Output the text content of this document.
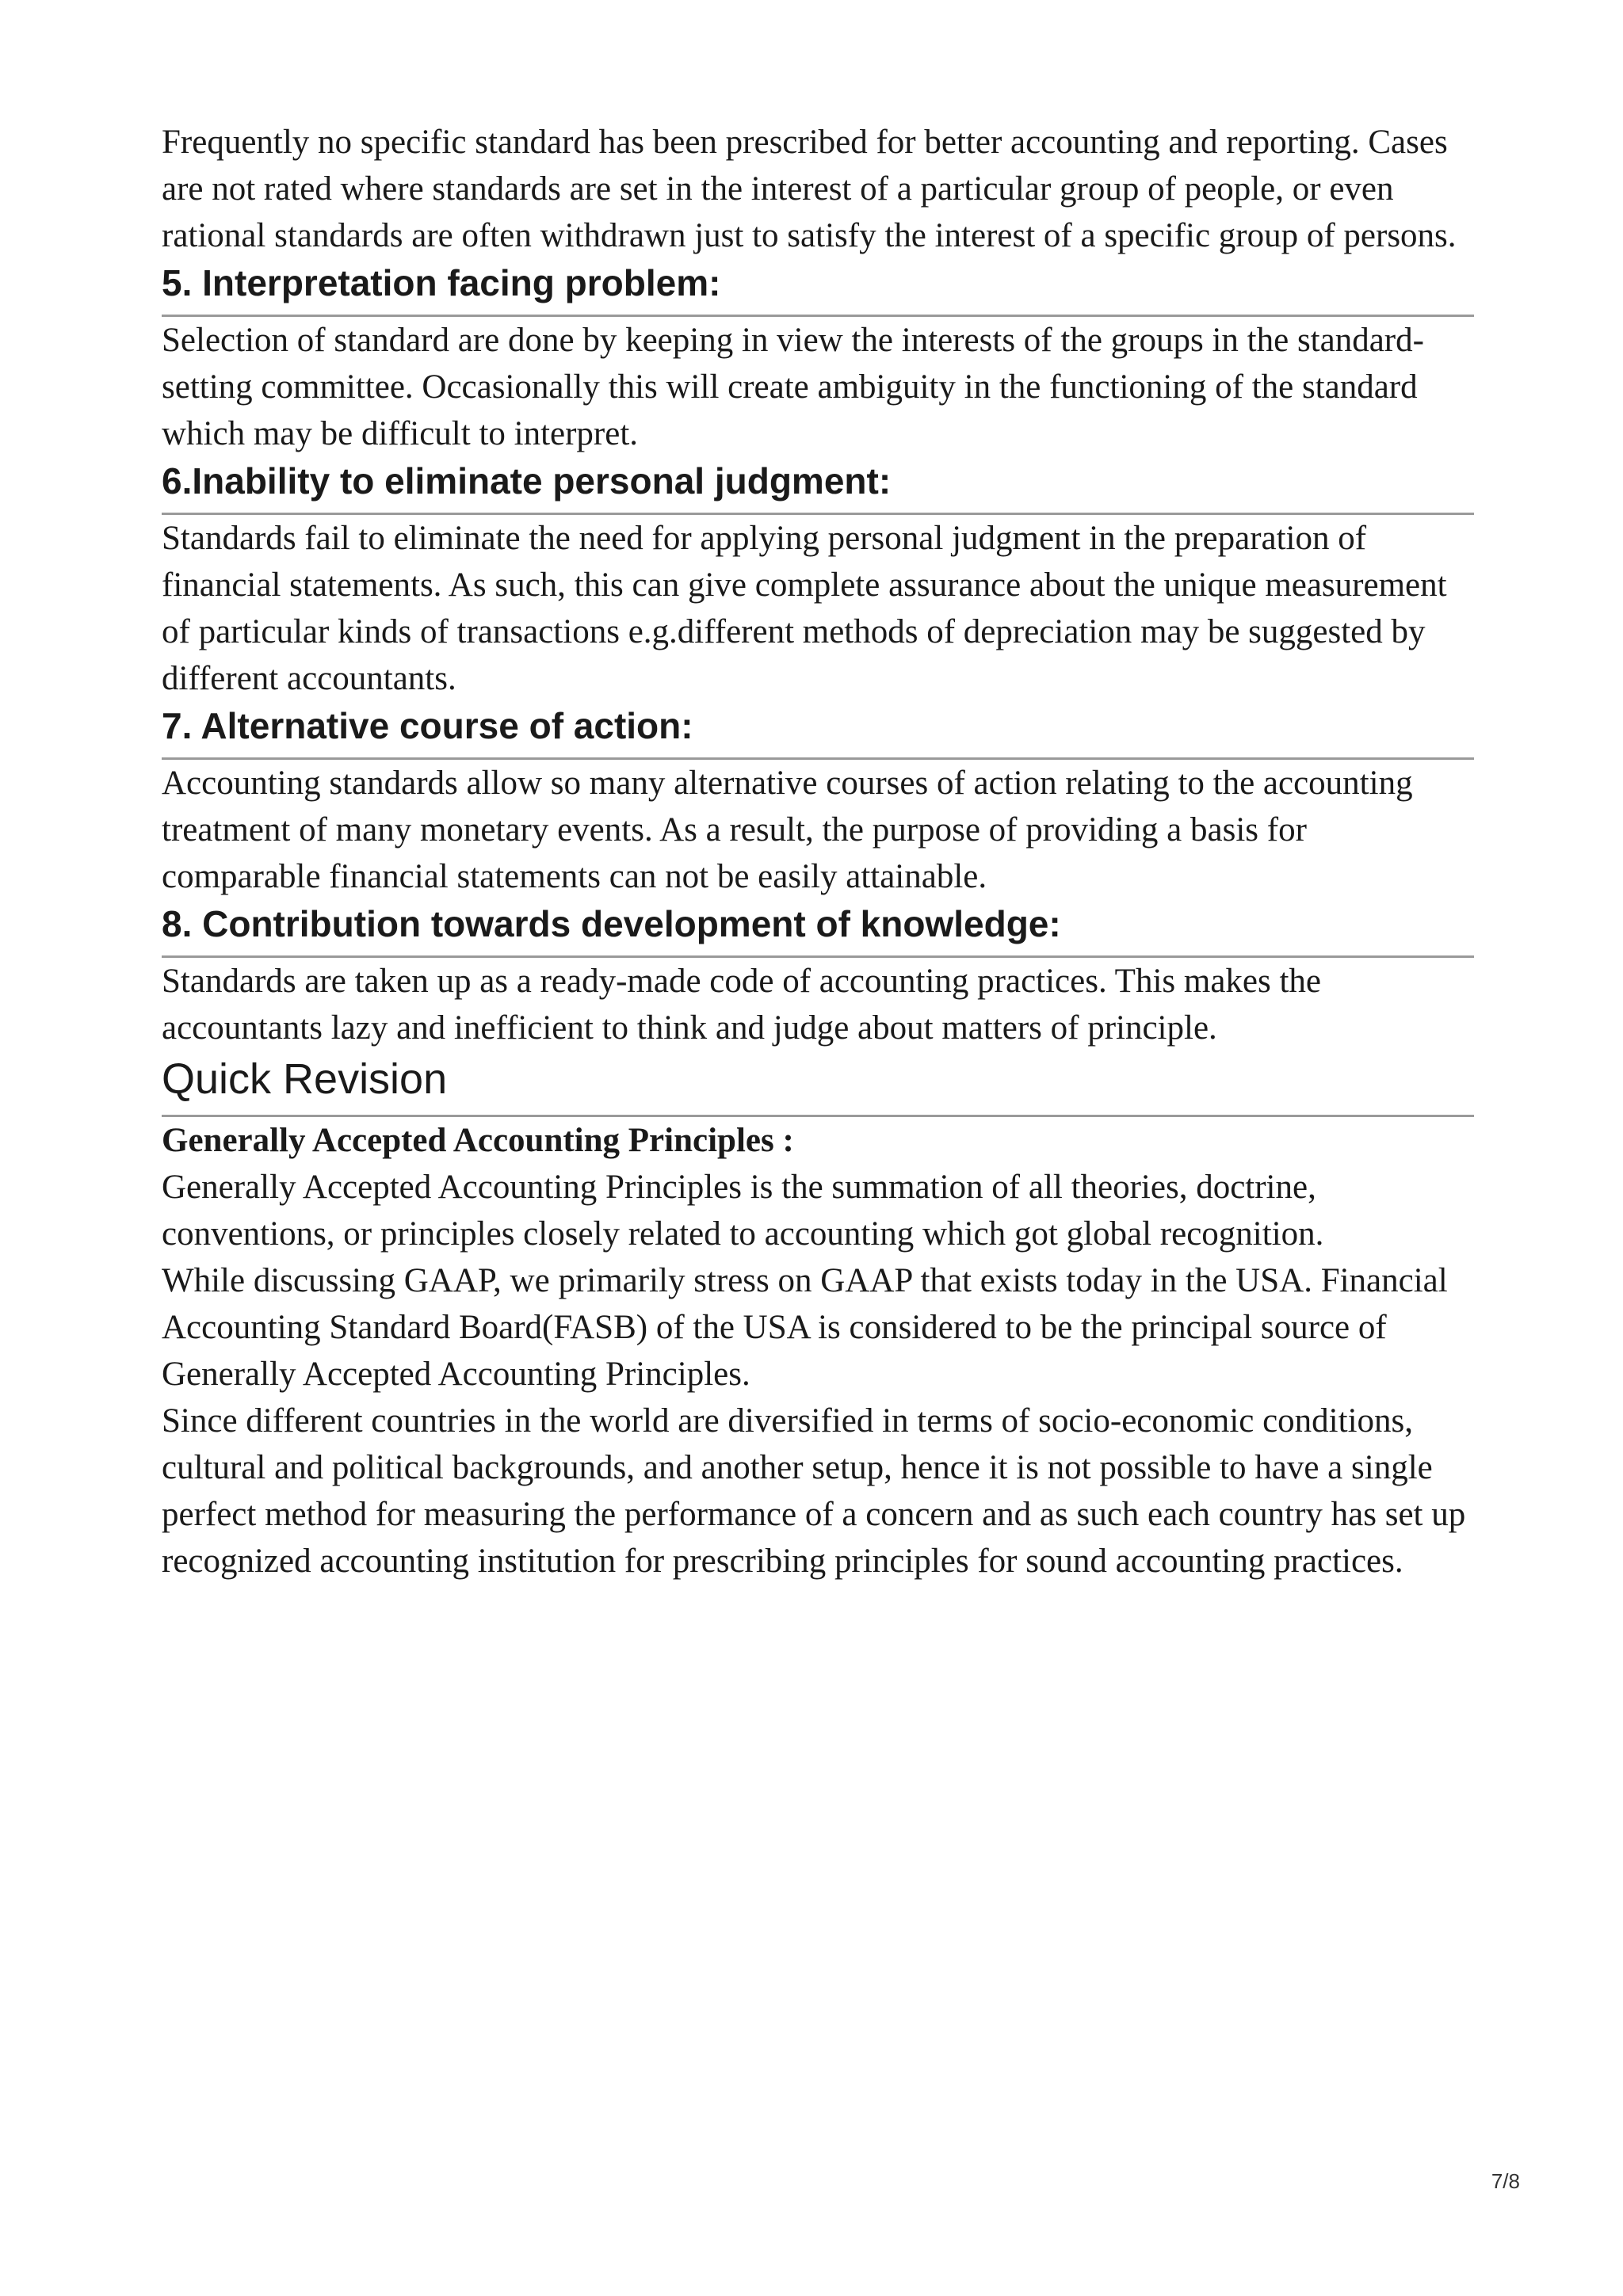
Frequently no specific standard has been prescribed for better accounting and reporting. Cases are not rated where standards are set in the interest of a particular group of people, or even rational standards are often withdrawn just to satisfy the interest of a specific group of persons.

5. Interpretation facing problem:

Selection of standard are done by keeping in view the interests of the groups in the standard-setting committee. Occasionally this will create ambiguity in the functioning of the standard which may be difficult to interpret.

6.Inability to eliminate personal judgment:

Standards fail to eliminate the need for applying personal judgment in the preparation of financial statements. As such, this can give complete assurance about the unique measurement of particular kinds of transactions e.g.different methods of depreciation may be suggested by different accountants.

7. Alternative course of action:

Accounting standards allow so many alternative courses of action relating to the accounting treatment of many monetary events. As a result, the purpose of providing a basis for comparable financial statements can not be easily attainable.

8. Contribution towards development of knowledge:

Standards are taken up as a ready-made code of accounting practices. This makes the accountants lazy and inefficient to think and judge about matters of principle.

Quick Revision
Generally Accepted Accounting Principles :

Generally Accepted Accounting Principles is the summation of all theories, doctrine, conventions, or principles closely related to accounting which got global recognition.

While discussing GAAP, we primarily stress on GAAP that exists today in the USA. Financial Accounting Standard Board(FASB) of the USA is considered to be the principal source of Generally Accepted Accounting Principles.

Since different countries in the world are diversified in terms of socio-economic conditions, cultural and political backgrounds, and another setup, hence it is not possible to have a single perfect method for measuring the performance of a concern and as such each country has set up recognized accounting institution for prescribing principles for sound accounting practices.

7/8
